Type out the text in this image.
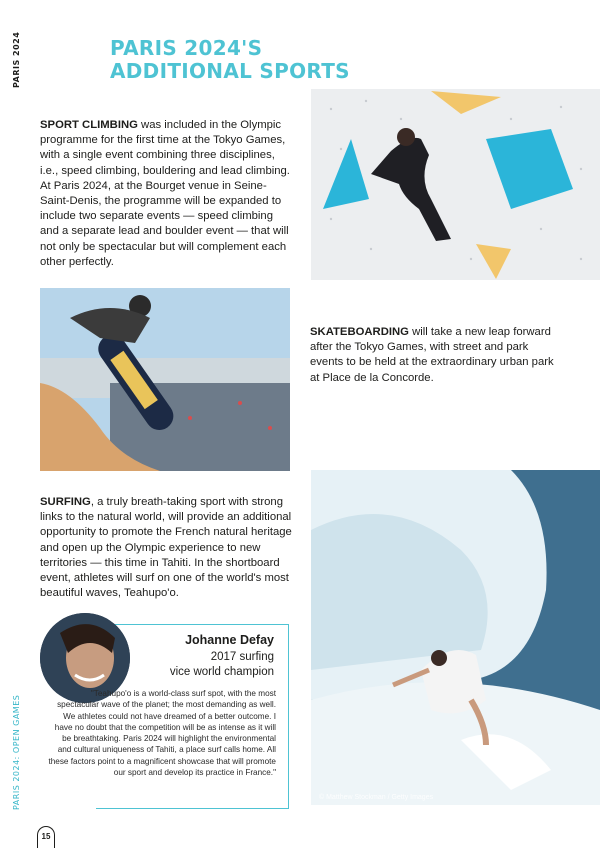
PARIS 2024
PARIS 2024: OPEN GAMES
PARIS 2024'S
ADDITIONAL SPORTS
SPORT CLIMBING was included in the Olympic programme for the first time at the Tokyo Games, with a single event combining three disciplines, i.e., speed climbing, bouldering and lead climbing. At Paris 2024, at the Bourget venue in Seine-Saint-Denis, the programme will be expanded to include two separate events — speed climbing and a separate lead and boulder event — that will not only be spectacular but will complement each other perfectly.
SKATEBOARDING will take a new leap forward after the Tokyo Games, with street and park events to be held at the extraordinary urban park at Place de la Concorde.
SURFING, a truly breath-taking sport with strong links to the natural world, will provide an additional opportunity to promote the French natural heritage and open up the Olympic experience to new territories — this time in Tahiti. In the shortboard event, athletes will surf on one of the world's most beautiful waves, Teahupo'o.
© Matthew Stockman / Getty Images
Johanne Defay
2017 surfing
vice world champion
"Teahupo'o is a world-class surf spot, with the most spectacular wave of the planet; the most demanding as well. We athletes could not have dreamed of a better outcome. I have no doubt that the competition will be as intense as it will be breathtaking. Paris 2024 will highlight the environmental and cultural uniqueness of Tahiti, a place surf calls home. All these factors point to a magnificent showcase that will promote our sport and develop its practice in France."
15
